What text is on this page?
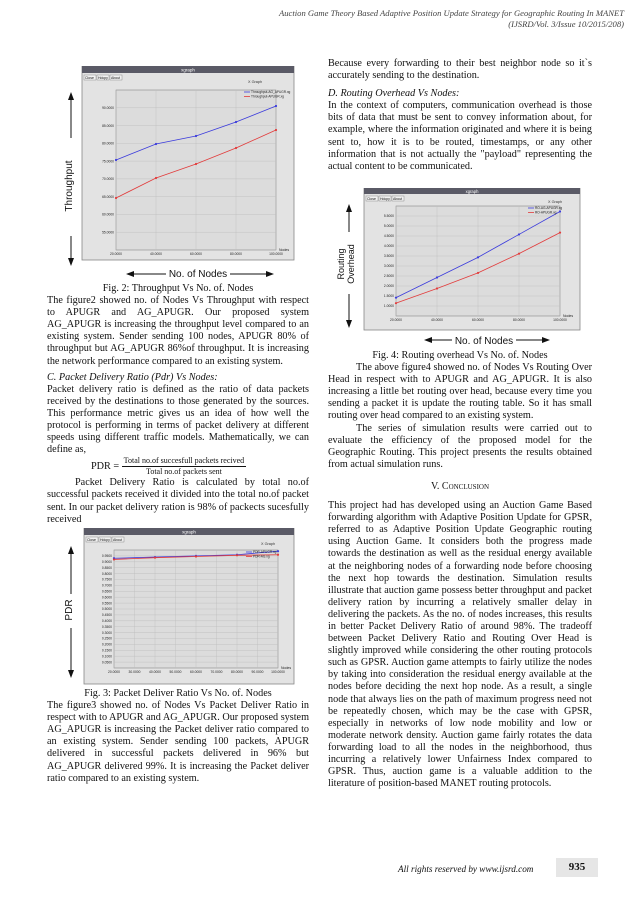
Auction Game Theory Based Adaptive Position Update Strategy for Geographic Routing In MANET
(IJSRD/Vol. 3/Issue 10/2015/208)
Throughput
xgraph
Close Hdcpy About
X Graph
55.0000
60.0000
65.0000
70.0000
75.0000
80.0000
85.0000
90.0000
20.0000	40.0000	60.0000	80.0000	100.0000
Nodes
Throughput-AG_APUGR.xg
Throughput-APUGR.xg
No. of Nodes

Fig. 2: Throughput Vs No. of. Nodes

The figure2 showed no. of Nodes Vs Throughput with respect to APUGR and AG_APUGR. Our proposed system AG_APUGR is increasing the throughput level compared to an existing system. Sender sending 100 nodes, APUGR 80% of throughput but AG_APUGR 86%of throughput. It is increasing the network performance compared to an existing system.

C. Packet Delivery Ratio (Pdr) Vs Nodes:

Packet delivery ratio is defined as the ratio of data packets received by the destinations to those generated by the sources. This performance metric gives us an idea of how well the protocol is performing in terms of packet delivery at different speeds using different traffic models. Mathematically, we can define as,

PDR = $\frac{\text{Total no.of succesfull packets recived}}{\text{Total no.of packets sent}}$

Packet Delivery Ratio is calculated by total no.of successful packets received it divided into the total no.of packet sent. In our packet delivery ration is 98% of packects sucesfully received

PDR
xgraph
Close Hdcpy About
X Graph
0.0500
0.1000
0.1500
0.2000
0.2500
0.3000
0.3500
0.4000
0.4500
0.5000
0.5500
0.6000
0.6500
0.7000
0.7500
0.8000
0.8500
0.9000
0.9500
20.0000	30.0000	40.0000	50.0000	60.0000	70.0000	80.0000	90.0000 100.0000
Nodes
PDR-APUGR.xg
PDR-AG.xg

Fig. 3: Packet Deliver Ratio Vs No. of. Nodes

The figure3 showed no. of Nodes Vs Packet Deliver Ratio in respect with to APUGR and AG_APUGR. Our proposed system AG_APUGR is increasing the Packet deliver ratio compared to an existing system. Sender sending 100 packets, APUGR delivered in successful packets delivered in 96% but AG_APUGR delivered 99%. It is increasing the Packet deliver ratio compared to an existing system.

Because every forwarding to their best neighbor node so it`s accurately sending to the destination.

D. Routing Overhead Vs Nodes:

In the context of computers, communication overhead is those bits of data that must be sent to convey information about, for example, where the information originated and where it is being sent to, how it is to be routed, timestamps, or any other information that is not actually the "payload" representing the actual content to be communicated.

Routing Overhead
xgraph
Close Hdcpy About
X Graph
1.0000
1.5000
2.0000
2.5000
3.0000
3.5000
4.0000
4.5000
5.0000
5.5000
20.0000	40.0000	60.0000	80.0000	100.0000
Nodes
RO-AG-APUGR.xg
RO-APUGR.xg
No. of Nodes

Fig. 4: Routing overhead Vs No. of. Nodes

The above figure4 showed no. of Nodes Vs Routing Over Head in respect with to APUGR and AG_APUGR. It is also increasing a little bet routing over head, because every time you sending a packet it is update the routing table. So it has small routing over head compared to an existing system.

The series of simulation results were carried out to evaluate the efficiency of the proposed model for the Geographic Routing. This project presents the results obtained from actual simulation runs.

V. Conclusion

This project had has developed using an Auction Game Based forwarding algorithm with Adaptive Position Update for GPSR, referred to as Adaptive Position Update Geographic routing using Auction Game. It considers both the progress made towards the destination as well as the residual energy available at the neighboring nodes of a forwarding node before choosing the next hop towards the destination. Simulation results illustrate that auction game possess better throughput and packet delivery ration by incurring a relatively smaller delay in delivering the packets. As the no. of nodes increases, this results in better Packet Delivery Ratio of around 98%. The tradeoff between Packet Delivery Ratio and Routing Over Head is slightly improved while considering the other routing protocols such as GPSR. Auction game attempts to fairly utilize the nodes by taking into consideration the residual energy available at the nodes before deciding the next hop node. As a result, a single node that always lies on the path of maximum progress need not be repeatedly chosen, which may be the case with GPSR, especially in networks of low node mobility and low or moderate network density. Auction game fairly rotates the data forwarding load to all the nodes in the neighborhood, thus incurring a relatively lower Unfairness Index compared to GPSR. Thus, auction game is a valuable addition to the literature of position-based MANET routing protocols.

All rights reserved by www.ijsrd.com	935
